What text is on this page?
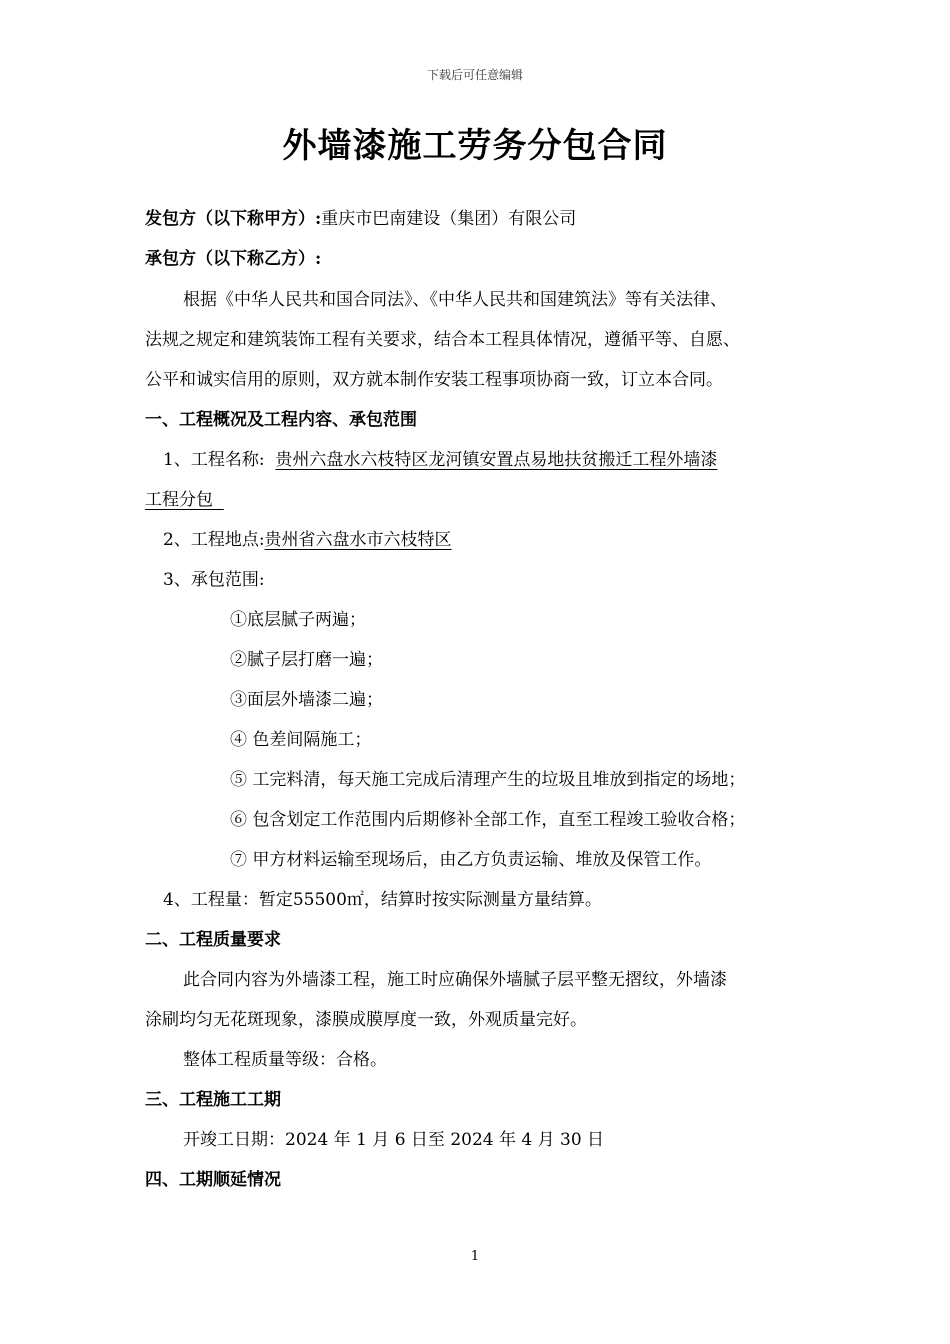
下载后可任意编辑
外墙漆施工劳务分包合同
发包方（以下称甲方）:重庆市巴南建设（集团）有限公司
承包方（以下称乙方）:
根据《中华人民共和国合同法》、《中华人民共和国建筑法》等有关法律、
法规之规定和建筑装饰工程有关要求，结合本工程具体情况，遵循平等、自愿、
公平和诚实信用的原则，双方就本制作安装工程事项协商一致，订立本合同。
一、工程概况及工程内容、承包范围
1、工程名称: 贵州六盘水六枝特区龙河镇安置点易地扶贫搬迁工程外墙漆
工程分包
2、工程地点:贵州省六盘水市六枝特区
3、承包范围:
①底层腻子两遍；
②腻子层打磨一遍；
③面层外墙漆二遍；
④ 色差间隔施工；
⑤ 工完料清，每天施工完成后清理产生的垃圾且堆放到指定的场地；
⑥ 包含划定工作范围内后期修补全部工作，直至工程竣工验收合格；
⑦ 甲方材料运输至现场后，由乙方负责运输、堆放及保管工作。
4、工程量：暂定55500㎡，结算时按实际测量方量结算。
二、工程质量要求
此合同内容为外墙漆工程，施工时应确保外墙腻子层平整无摺纹，外墙漆
涂刷均匀无花斑现象，漆膜成膜厚度一致，外观质量完好。
整体工程质量等级：合格。
三、工程施工工期
开竣工日期：2024 年 1 月 6 日至 2024 年 4 月 30 日
四、工期顺延情况
1
